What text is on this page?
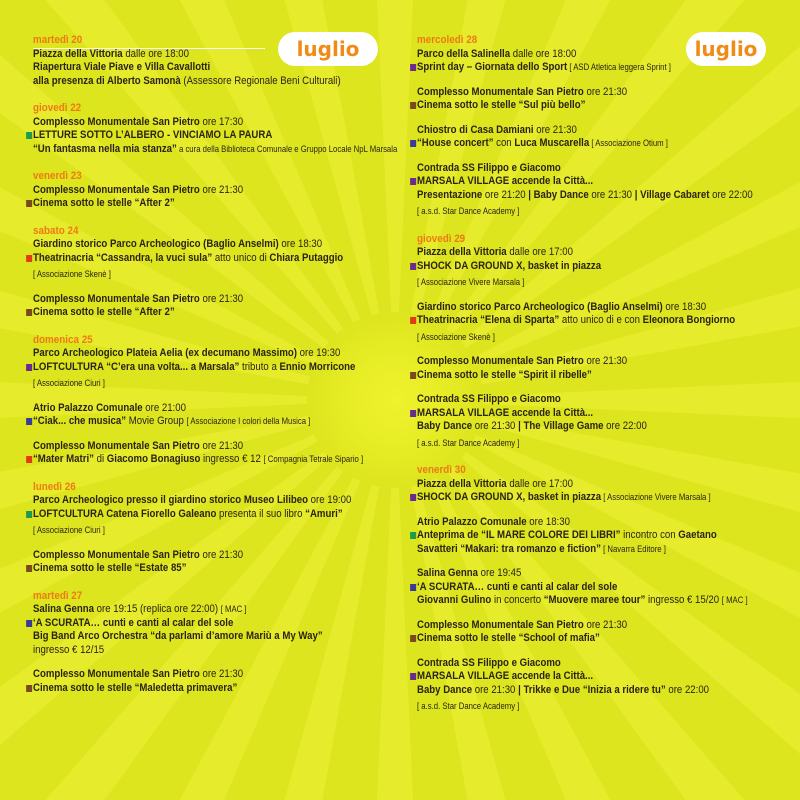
luglio	luglio
martedì 20
Piazza della Vittoria dalle ore 18:00
Riapertura Viale Piave e Villa Cavallotti
alla presenza di Alberto Samonà (Assessore Regionale Beni Culturali)
giovedì 22
Complesso Monumentale San Pietro ore 17:30
LETTURE SOTTO L’ALBERO - VINCIAMO LA PAURA
“Un fantasma nella mia stanza” a cura della Biblioteca Comunale e Gruppo Locale NpL Marsala
venerdì 23
Complesso Monumentale San Pietro ore 21:30
Cinema sotto le stelle “After 2”
sabato 24
Giardino storico Parco Archeologico (Baglio Anselmi) ore 18:30
Theatrinacria “Cassandra, la vuci sula” atto unico di Chiara Putaggio
[ Associazione Skenè ]
Complesso Monumentale San Pietro ore 21:30
Cinema sotto le stelle “After 2”
domenica 25
Parco Archeologico Plateia Aelia (ex decumano Massimo) ore 19:30
LOFTCULTURA “C’era una volta... a Marsala” tributo a Ennio Morricone
[ Associazione Ciuri ]
Atrio Palazzo Comunale ore 21:00
“Ciak... che musica” Movie Group [ Associazione I colori della Musica ]
Complesso Monumentale San Pietro ore 21:30
“Mater Matri” di Giacomo Bonagiuso ingresso € 12 [ Compagnia Tetrale Sipario ]
lunedì 26
Parco Archeologico presso il giardino storico Museo Lilibeo ore 19:00
LOFTCULTURA Catena Fiorello Galeano presenta il suo libro “Amuri”
[ Associazione Ciuri ]
Complesso Monumentale San Pietro ore 21:30
Cinema sotto le stelle “Estate 85”
martedì 27
Salina Genna ore 19:15 (replica ore 22:00) [ MAC ]
‘A SCURATA… cunti e canti al calar del sole
Big Band Arco Orchestra “da parlami d’amore Mariù a My Way”
ingresso € 12/15
Complesso Monumentale San Pietro ore 21:30
Cinema sotto le stelle “Maledetta primavera”
mercoledì 28
Parco della Salinella dalle ore 18:00
Sprint day – Giornata dello Sport [ ASD Atletica leggera Sprint ]
Complesso Monumentale San Pietro ore 21:30
Cinema sotto le stelle “Sul più bello”
Chiostro di Casa Damiani ore 21:30
“House concert” con Luca Muscarella [ Associazione Otium ]
Contrada SS Filippo e Giacomo
MARSALA VILLAGE accende la Città...
Presentazione ore 21:20 | Baby Dance ore 21:30 | Village Cabaret ore 22:00
[ a.s.d. Star Dance Academy ]
giovedì 29
Piazza della Vittoria dalle ore 17:00
SHOCK DA GROUND X, basket in piazza
[ Associazione Vivere Marsala ]
Giardino storico Parco Archeologico (Baglio Anselmi) ore 18:30
Theatrinacria “Elena di Sparta” atto unico di e con Eleonora Bongiorno
[ Associazione Skenè ]
Complesso Monumentale San Pietro ore 21:30
Cinema sotto le stelle “Spirit il ribelle”
Contrada SS Filippo e Giacomo
MARSALA VILLAGE accende la Città...
Baby Dance ore 21:30 | The Village Game ore 22:00
[ a.s.d. Star Dance Academy ]
venerdì 30
Piazza della Vittoria dalle ore 17:00
SHOCK DA GROUND X, basket in piazza [ Associazione Vivere Marsala ]
Atrio Palazzo Comunale ore 18:30
Anteprima de “IL MARE COLORE DEI LIBRI” incontro con Gaetano
Savatteri “Makari: tra romanzo e fiction” [ Navarra Editore ]
Salina Genna ore 19:45
‘A SCURATA… cunti e canti al calar del sole
Giovanni Gulino in concerto “Muovere maree tour” ingresso € 15/20 [ MAC ]
Complesso Monumentale San Pietro ore 21:30
Cinema sotto le stelle “School of mafia”
Contrada SS Filippo e Giacomo
MARSALA VILLAGE accende la Città...
Baby Dance ore 21:30 | Trikke e Due “Inizia a ridere tu” ore 22:00
[ a.s.d. Star Dance Academy ]
